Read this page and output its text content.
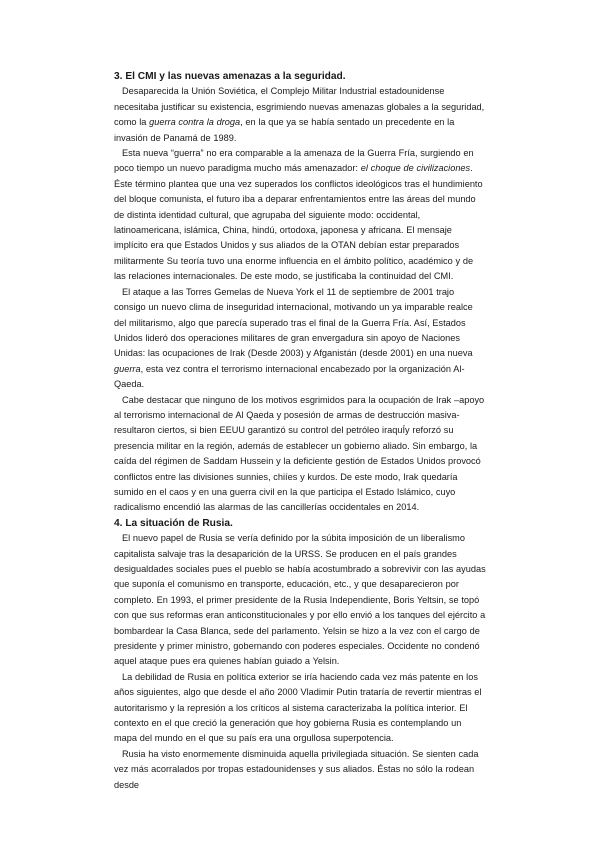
3. El CMI y las nuevas amenazas a la seguridad.

Desaparecida la Unión Soviética, el Complejo Militar Industrial estadounidense necesitaba justificar su existencia, esgrimiendo nuevas amenazas globales a la seguridad, como la guerra contra la droga, en la que ya se había sentado un precedente en la invasión de Panamá de 1989.

Esta nueva “guerra” no era comparable a la amenaza de la Guerra Fría, surgiendo en poco tiempo un nuevo paradigma mucho más amenazador: el choque de civilizaciones. Éste término plantea que una vez superados los conflictos ideológicos tras el hundimiento del bloque comunista, el futuro iba a deparar enfrentamientos entre las áreas del mundo de distinta identidad cultural, que agrupaba del siguiente modo: occidental, latinoamericana, islámica, China, hindú, ortodoxa, japonesa y africana. El mensaje implícito era que Estados Unidos y sus aliados de la OTAN debían estar preparados militarmente Su teoría tuvo una enorme influencia en el ámbito político, académico y de las relaciones internacionales. De este modo, se justificaba la continuidad del CMI.

El ataque a las Torres Gemelas de Nueva York el 11 de septiembre de 2001 trajo consigo un nuevo clima de inseguridad internacional, motivando un ya imparable realce del militarismo, algo que parecía superado tras el final de la Guerra Fría. Así, Estados Unidos lideró dos operaciones militares de gran envergadura sin apoyo de Naciones Unidas: las ocupaciones de Irak (Desde 2003) y Afganistán (desde 2001) en una nueva guerra, esta vez contra el terrorismo internacional encabezado por la organización Al-Qaeda.

Cabe destacar que ninguno de los motivos esgrimidos para la ocupación de Irak –apoyo al terrorismo internacional de Al Qaeda y posesión de armas de destrucción masiva- resultaron ciertos, si bien EEUU garantizó su control del petróleo iraquÍy reforzó su presencia militar en la región, además de establecer un gobierno aliado. Sin embargo, la caída del régimen de Saddam Hussein y la deficiente gestión de Estados Unidos provocó conflictos entre las divisiones sunnies, chiíes y kurdos. De este modo, Irak quedaría sumido en el caos y en una guerra civil en la que participa el Estado Islámico, cuyo radicalismo encendió las alarmas de las cancillerías occidentales en 2014.

4. La situación de Rusia.

El nuevo papel de Rusia se vería definido por la súbita imposición de un liberalismo capitalista salvaje tras la desaparición de la URSS. Se producen en el país grandes desigualdades sociales pues el pueblo se había acostumbrado a sobrevivir con las ayudas que suponía el comunismo en transporte, educación, etc., y que desaparecieron por completo. En 1993, el primer presidente de la Rusia Independiente, Boris Yeltsin, se topó con que sus reformas eran anticonstitucionales y por ello envió a los tanques del ejército a bombardear la Casa Blanca, sede del parlamento. Yelsin se hizo a la vez con el cargo de presidente y primer ministro, gobernando con poderes especiales. Occidente no condenó aquel ataque pues era quienes habían guiado a Yelsin.

La debilidad de Rusia en política exterior se iría haciendo cada vez más patente en los años siguientes, algo que desde el año 2000 Vladimir Putin trataría de revertir mientras el autoritarismo y la represión a los críticos al sistema caracterizaba la política interior. El contexto en el que creció la generación que hoy gobierna Rusia es contemplando un mapa del mundo en el que su país era una orgullosa superpotencia.

Rusia ha visto enormemente disminuida aquella privilegiada situación. Se sienten cada vez más acorralados por tropas estadounidenses y sus aliados. Éstas no sólo la rodean desde
